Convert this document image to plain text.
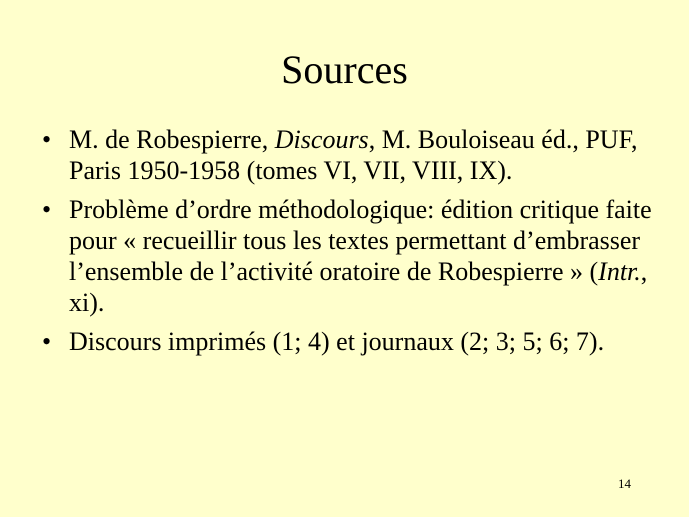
Sources
• M. de Robespierre, Discours, M. Bouloiseau éd., PUF, Paris 1950-1958 (tomes VI, VII, VIII, IX).
• Problème d’ordre méthodologique: édition critique faite pour « recueillir tous les textes permettant d’embrasser l’ensemble de l’activité oratoire de Robespierre » (Intr., xi).
• Discours imprimés (1; 4) et journaux (2; 3; 5; 6; 7).
14
